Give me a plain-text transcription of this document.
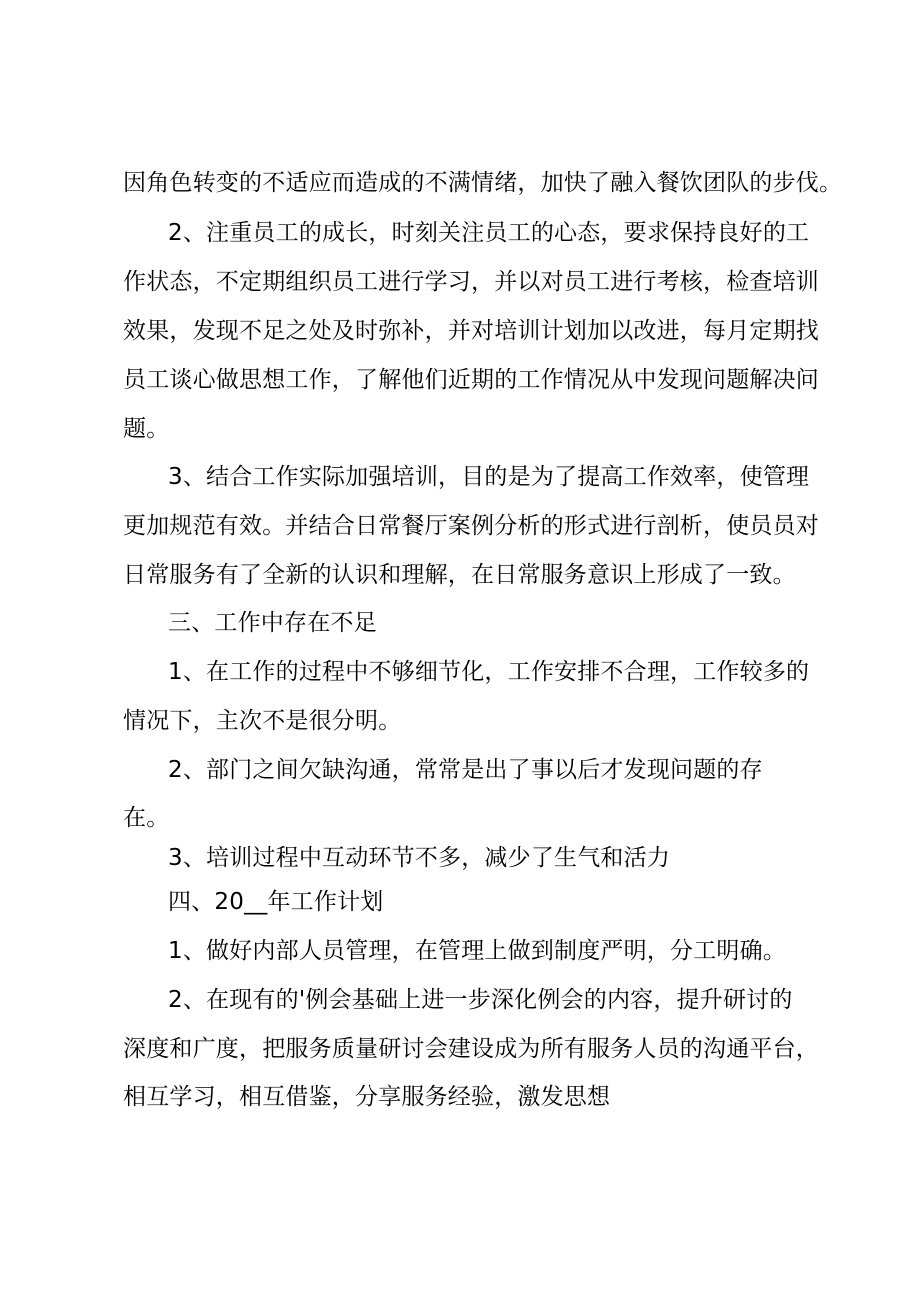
因角色转变的不适应而造成的不满情绪，加快了融入餐饮团队的步伐。
2、注重员工的成长，时刻关注员工的心态，要求保持良好的工
作状态，不定期组织员工进行学习，并以对员工进行考核，检查培训
效果，发现不足之处及时弥补，并对培训计划加以改进，每月定期找
员工谈心做思想工作，了解他们近期的工作情况从中发现问题解决问
题。
3、结合工作实际加强培训，目的是为了提高工作效率，使管理
更加规范有效。并结合日常餐厅案例分析的形式进行剖析，使员员对
日常服务有了全新的认识和理解，在日常服务意识上形成了一致。
三、工作中存在不足
1、在工作的过程中不够细节化，工作安排不合理，工作较多的
情况下，主次不是很分明。
2、部门之间欠缺沟通，常常是出了事以后才发现问题的存
在。
3、培训过程中互动环节不多，减少了生气和活力
四、20__年工作计划
1、做好内部人员管理，在管理上做到制度严明，分工明确。
2、在现有的'例会基础上进一步深化例会的内容，提升研讨的
深度和广度，把服务质量研讨会建设成为所有服务人员的沟通平台，
相互学习，相互借鉴，分享服务经验，激发思想
